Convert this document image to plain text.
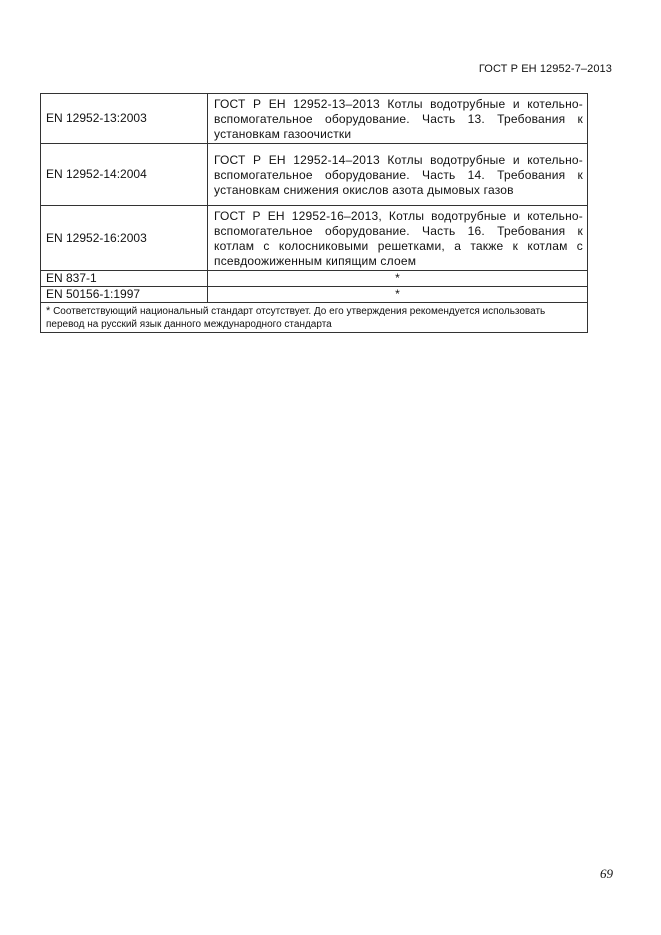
ГОСТ Р ЕН 12952-7–2013
EN 12952-13:2003	ГОСТ Р ЕН 12952-13–2013 Котлы водотрубные и котельно-вспомогательное оборудование. Часть 13. Требования к установкам газоочистки
EN 12952-14:2004	ГОСТ Р ЕН 12952-14–2013 Котлы водотрубные и котельно-вспомогательное оборудование. Часть 14. Требования к установкам снижения окислов азота дымовых газов
EN 12952-16:2003	ГОСТ Р ЕН 12952-16–2013, Котлы водотрубные и котельно-вспомогательное оборудование. Часть 16. Требования к котлам с колосниковыми решетками, а также к котлам с псевдоожиженным кипящим слоем
EN 837-1	*
EN 50156-1:1997	*
* Соответствующий национальный стандарт отсутствует. До его утверждения рекомендуется использовать перевод на русский язык данного международного стандарта	
69
